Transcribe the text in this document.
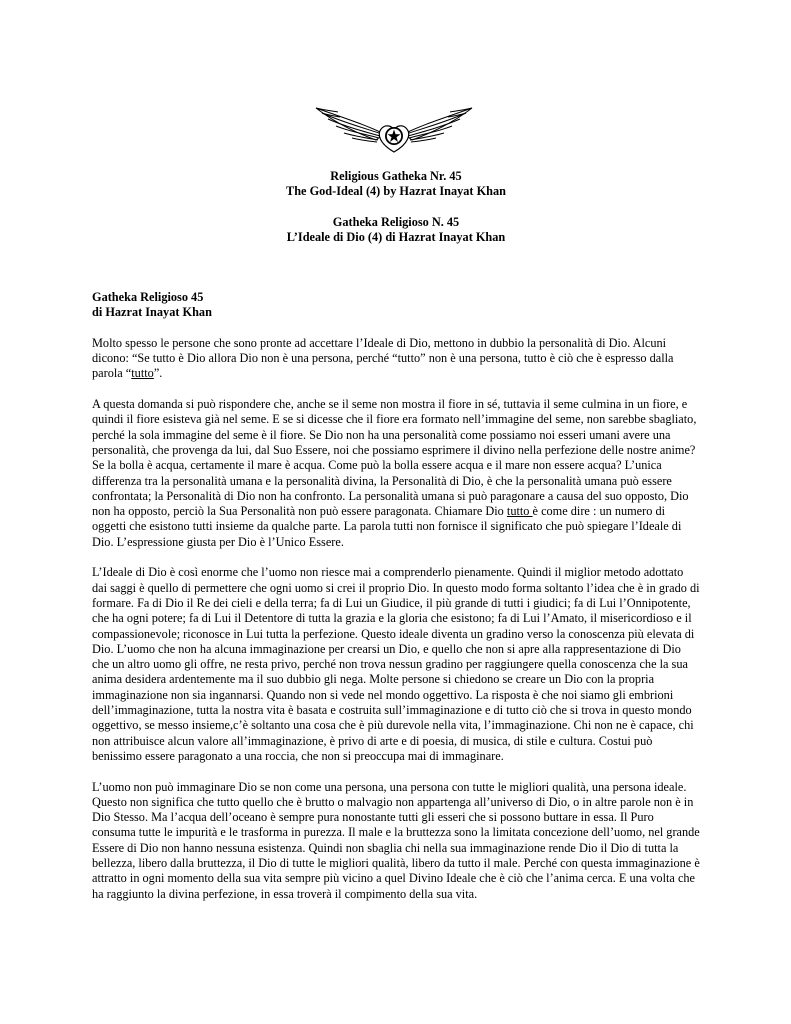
Religious Gatheka Nr. 45
The God-Ideal (4) by Hazrat Inayat Khan
Gatheka Religioso N. 45
L’Ideale di Dio (4) di Hazrat Inayat Khan
Gatheka Religioso 45
di Hazrat Inayat Khan

Molto spesso le persone che sono pronte ad accettare l’Ideale di Dio, mettono in dubbio la personalità di Dio. Alcuni dicono: “Se tutto è Dio allora Dio non è una persona, perché “tutto” non è una persona, tutto è ciò che è espresso dalla parola “tutto”.

A questa domanda si può rispondere che, anche se il seme non mostra il fiore in sé, tuttavia il seme culmina in un fiore, e quindi il fiore esisteva già nel seme. E se si dicesse che il fiore era formato nell’immagine del seme, non sarebbe sbagliato, perché la sola immagine del seme è il fiore. Se Dio non ha una personalità come possiamo noi esseri umani avere una personalità, che provenga da lui, dal Suo Essere, noi che possiamo esprimere il divino nella perfezione delle nostre anime? Se la bolla è acqua, certamente il mare è acqua. Come può la bolla essere acqua e il mare non essere acqua? L’unica differenza tra la personalità umana e la personalità divina, la Personalità di Dio, è che la personalità umana può essere confrontata; la Personalità di Dio non ha confronto. La personalità umana si può paragonare a causa del suo opposto, Dio non ha opposto, perciò la Sua Personalità non può essere paragonata. Chiamare Dio tutto è come dire : un numero di oggetti che esistono tutti insieme da qualche parte. La parola tutti non fornisce il significato che può spiegare l’Ideale di Dio. L’espressione giusta per Dio è l’Unico Essere.

L’Ideale di Dio è così enorme che l’uomo non riesce mai a comprenderlo pienamente. Quindi il miglior metodo adottato dai saggi è quello di permettere che ogni uomo si crei il proprio Dio. In questo modo forma soltanto l’idea che è in grado di formare. Fa di Dio il Re dei cieli e della terra; fa di Lui un Giudice, il più grande di tutti i giudici; fa di Lui l’Onnipotente, che ha ogni potere; fa di Lui il Detentore di tutta la grazia e la gloria che esistono; fa di Lui l’Amato, il misericordioso e il compassionevole; riconosce in Lui tutta la perfezione. Questo ideale diventa un gradino verso la conoscenza più elevata di Dio. L’uomo che non ha alcuna immaginazione per crearsi un Dio, e quello che non si apre alla rappresentazione di Dio che un altro uomo gli offre, ne resta privo, perché non trova nessun gradino per raggiungere quella conoscenza che la sua anima desidera ardentemente ma il suo dubbio gli nega. Molte persone si chiedono se creare un Dio con la propria immaginazione non sia ingannarsi. Quando non si vede nel mondo oggettivo. La risposta è che noi siamo gli embrioni dell’immaginazione, tutta la nostra vita è basata e costruita sull’immaginazione e di tutto ciò che si trova in questo mondo oggettivo, se messo insieme,c’è soltanto una cosa che è più durevole nella vita, l’immaginazione. Chi non ne è capace, chi non attribuisce alcun valore all’immaginazione, è privo di arte e di poesia, di musica, di stile e cultura. Costui può benissimo essere paragonato a una roccia, che non si preoccupa mai di immaginare.

L’uomo non può immaginare Dio se non come una persona, una persona con tutte le migliori qualità, una persona ideale. Questo non significa che tutto quello che è brutto o malvagio non appartenga all’universo di Dio, o in altre parole non è in Dio Stesso. Ma l’acqua dell’oceano è sempre pura nonostante tutti gli esseri che si possono buttare in essa. Il Puro consuma tutte le impurità e le trasforma in purezza. Il male e la bruttezza sono la limitata concezione dell’uomo, nel grande Essere di Dio non hanno nessuna esistenza. Quindi non sbaglia chi nella sua immaginazione rende Dio il Dio di tutta la bellezza, libero dalla bruttezza, il Dio di tutte le migliori qualità, libero da tutto il male. Perché con questa immaginazione è attratto in ogni momento della sua vita sempre più vicino a quel Divino Ideale che è ciò che l’anima cerca. E una volta che ha raggiunto la divina perfezione, in essa troverà il compimento della sua vita.
